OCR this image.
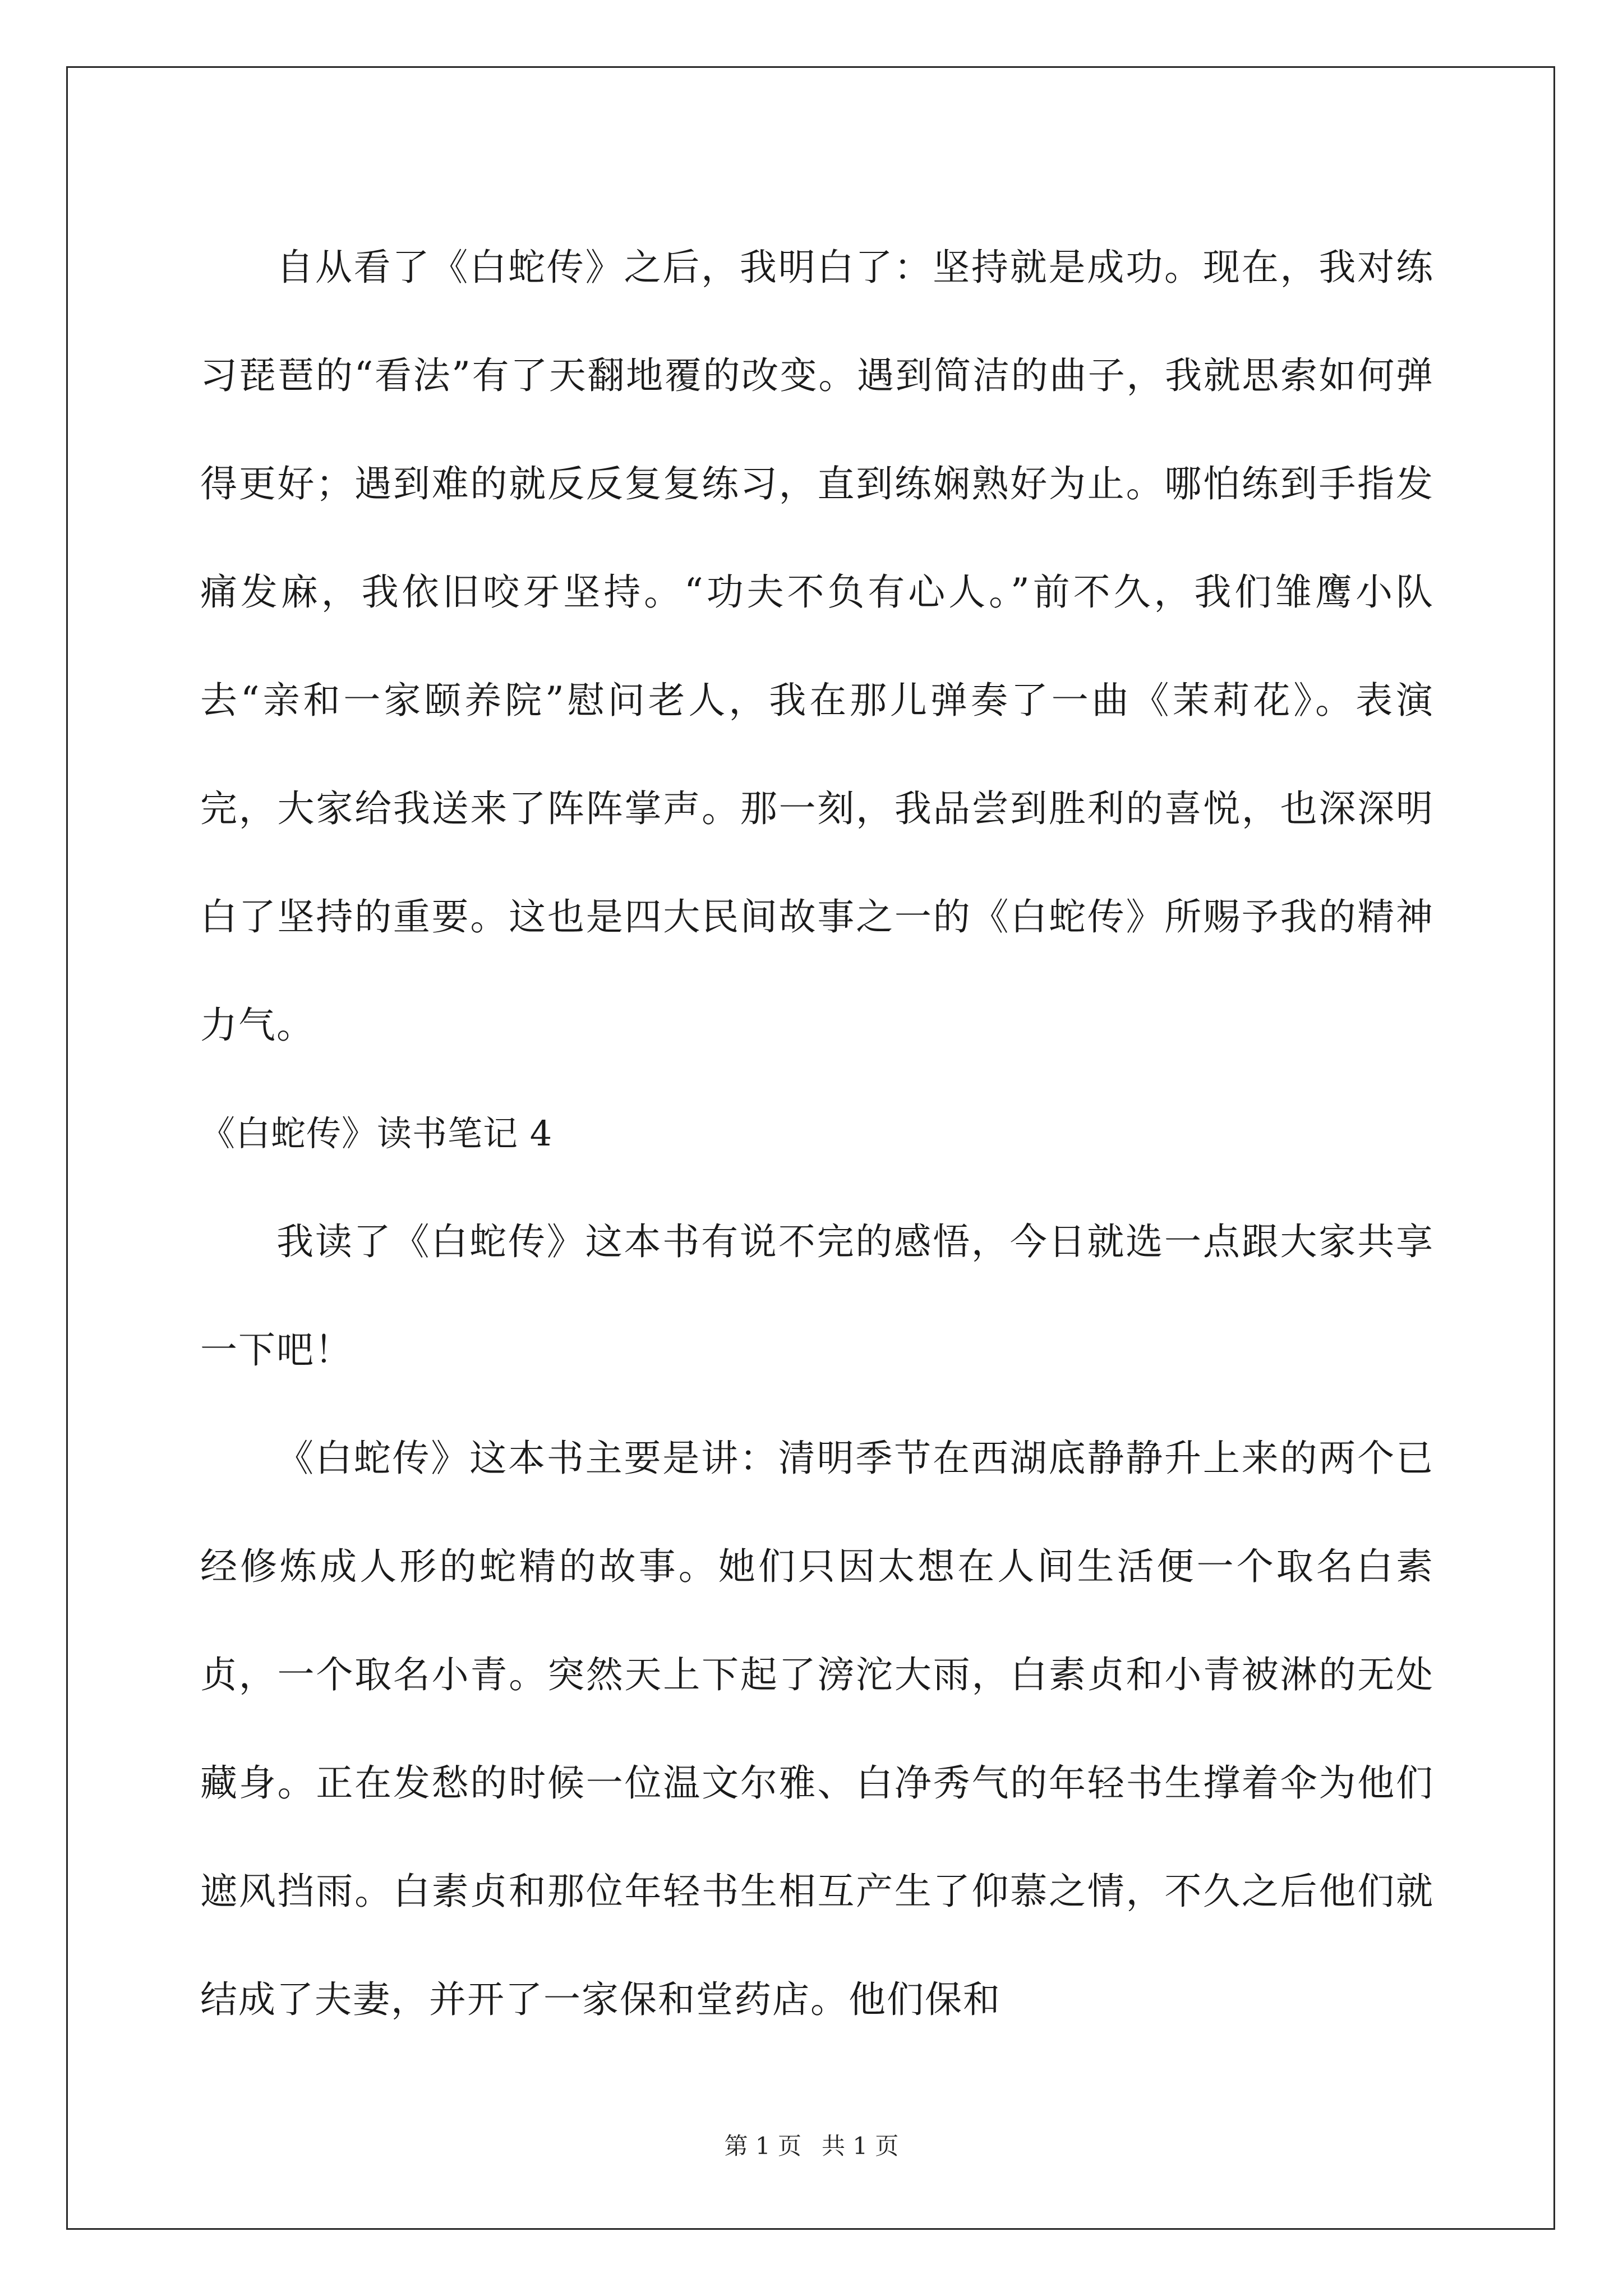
自从看了《白蛇传》之后，我明白了：坚持就是成功。现在，我对练习琵琶的“看法”有了天翻地覆的改变。遇到简洁的曲子，我就思索如何弹得更好；遇到难的就反反复复练习，直到练娴熟好为止。哪怕练到手指发痛发麻，我依旧咬牙坚持。“功夫不负有心人。”前不久，我们雏鹰小队去“亲和一家颐养院”慰问老人，我在那儿弹奏了一曲《茉莉花》。表演完，大家给我送来了阵阵掌声。那一刻，我品尝到胜利的喜悦，也深深明白了坚持的重要。这也是四大民间故事之一的《白蛇传》所赐予我的精神力气。

《白蛇传》读书笔记 4

我读了《白蛇传》这本书有说不完的感悟，今日就选一点跟大家共享一下吧！

《白蛇传》这本书主要是讲：清明季节在西湖底静静升上来的两个已经修炼成人形的蛇精的故事。她们只因太想在人间生活便一个取名白素贞，一个取名小青。突然天上下起了滂沱大雨，白素贞和小青被淋的无处藏身。正在发愁的时候一位温文尔雅、白净秀气的年轻书生撑着伞为他们遮风挡雨。白素贞和那位年轻书生相互产生了仰慕之情，不久之后他们就结成了夫妻，并开了一家保和堂药店。他们保和

第 1 页 共 1 页
